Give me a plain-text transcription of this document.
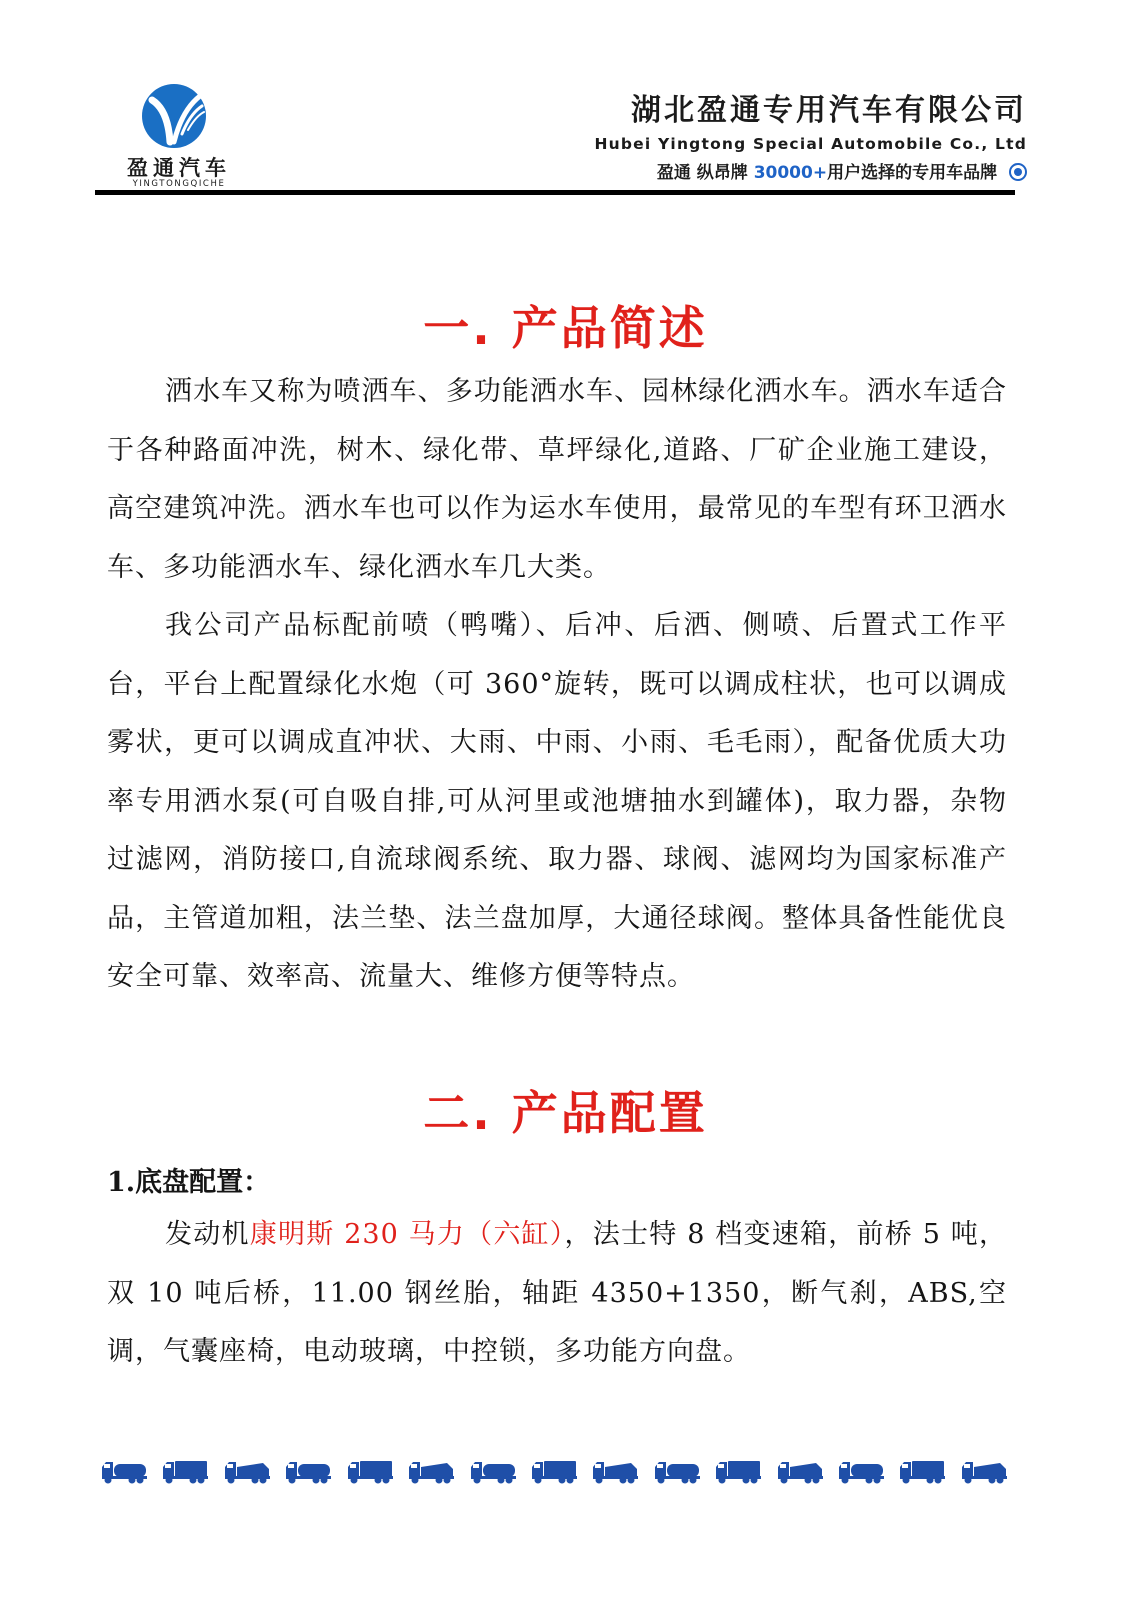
盈通汽车
YINGTONGQICHE
湖北盈通专用汽车有限公司
Hubei Yingtong Special Automobile Co., Ltd
盈通 纵昂牌 30000+用户选择的专用车品牌
一. 产品简述

洒水车又称为喷洒车、多功能洒水车、园林绿化洒水车。洒水车适合于各种路面冲洗，树木、绿化带、草坪绿化,道路、厂矿企业施工建设，高空建筑冲洗。洒水车也可以作为运水车使用，最常见的车型有环卫洒水车、多功能洒水车、绿化洒水车几大类。

我公司产品标配前喷（鸭嘴）、后冲、后洒、侧喷、后置式工作平台，平台上配置绿化水炮（可 360°旋转，既可以调成柱状，也可以调成雾状，更可以调成直冲状、大雨、中雨、小雨、毛毛雨），配备优质大功率专用洒水泵(可自吸自排,可从河里或池塘抽水到罐体)，取力器，杂物过滤网，消防接口,自流球阀系统、取力器、球阀、滤网均为国家标准产品，主管道加粗，法兰垫、法兰盘加厚，大通径球阀。整体具备性能优良安全可靠、效率高、流量大、维修方便等特点。

二. 产品配置
1.底盘配置：

发动机康明斯 230 马力（六缸），法士特 8 档变速箱，前桥 5 吨，双 10 吨后桥，11.00 钢丝胎，轴距 4350+1350，断气刹，ABS,空调，气囊座椅，电动玻璃，中控锁，多功能方向盘。
